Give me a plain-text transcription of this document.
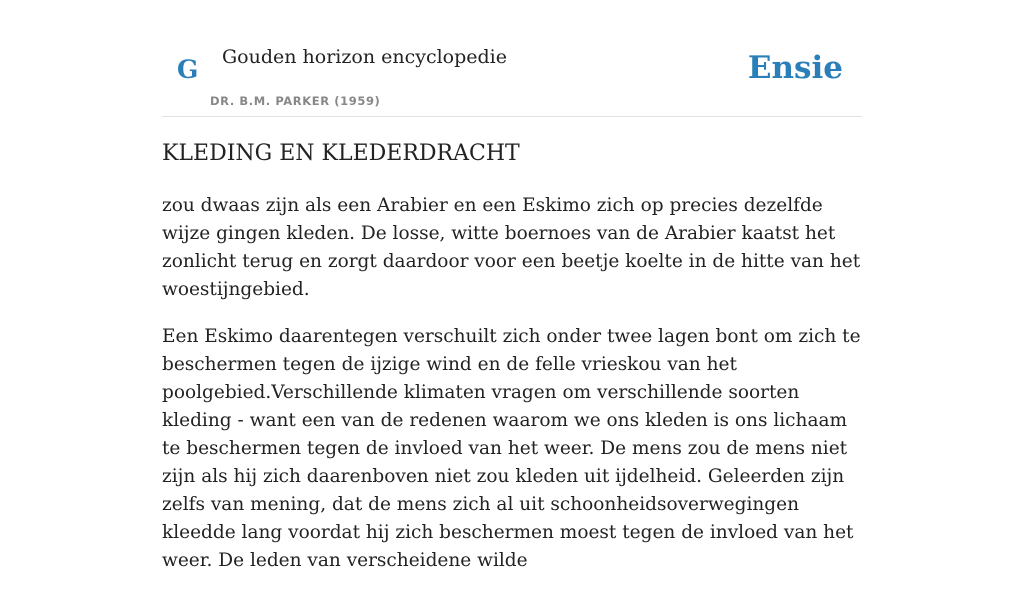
G Gouden horizon encyclopedie
DR. B.M. PARKER (1959)
Ensie
KLEDING EN KLEDERDRACHT

zou dwaas zijn als een Arabier en een Eskimo zich op precies dezelfde wijze gingen kleden. De losse, witte boernoes van de Arabier kaatst het zonlicht terug en zorgt daardoor voor een beetje koelte in de hitte van het woestijngebied.

Een Eskimo daarentegen verschuilt zich onder twee lagen bont om zich te beschermen tegen de ijzige wind en de felle vrieskou van het poolgebied.Verschillende klimaten vragen om verschillende soorten kleding - want een van de redenen waarom we ons kleden is ons lichaam te beschermen tegen de invloed van het weer. De mens zou de mens niet zijn als hij zich daarenboven niet zou kleden uit ijdelheid. Geleerden zijn zelfs van mening, dat de mens zich al uit schoonheidsoverwegingen kleedde lang voordat hij zich beschermen moest tegen de invloed van het weer. De leden van verscheidene wilde
